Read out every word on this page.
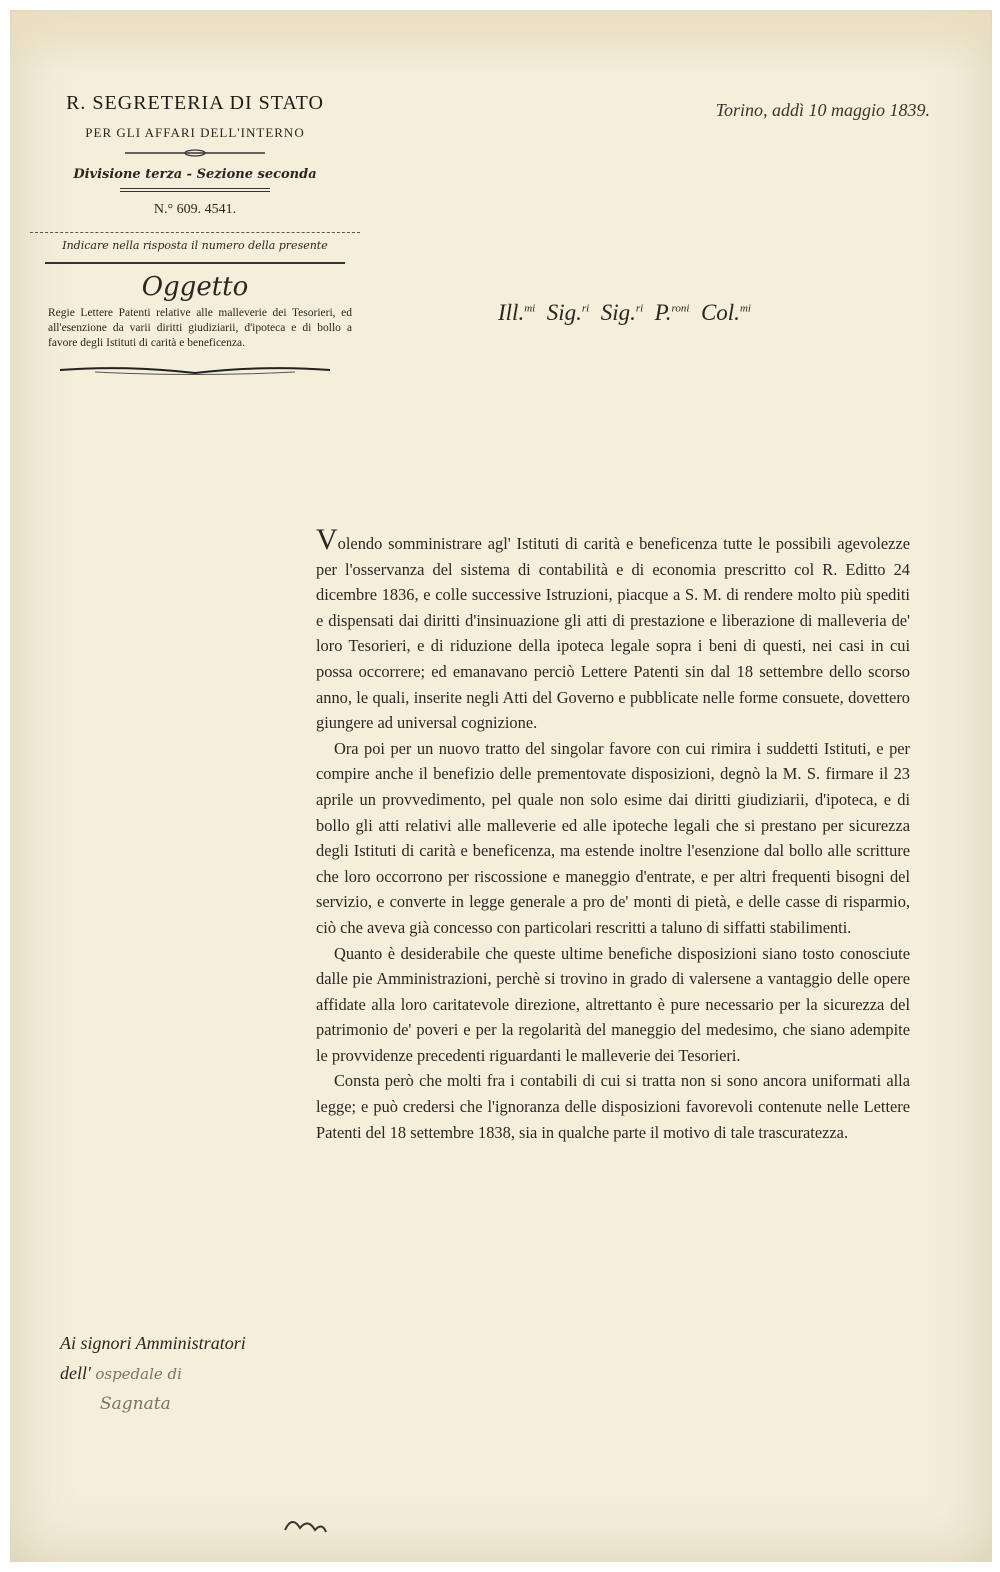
R. SEGRETERIA DI STATO
PER GLI AFFARI DELL'INTERNO
Divisione terza - Sezione seconda
N.° 609. 4541.
Indicare nella risposta il numero della presente
Oggetto
Regie Lettere Patenti relative alle malleverie dei Tesorieri, ed all'esenzione da varii diritti giudiziarii, d'ipoteca e di bollo a favore degli Istituti di carità e beneficenza.
Torino, addì 10 maggio 1839.
Ill.$^{mi}$ Sig.$^{ri}$ Sig.$^{ri}$ P.$^{roni}$ Col.$^{mi}$

Volendo somministrare agl' Istituti di carità e beneficenza tutte le possibili agevolezze per l'osservanza del sistema di contabilità e di economia prescritto col R. Editto 24 dicembre 1836, e colle successive Istruzioni, piacque a S. M. di rendere molto più spediti e dispensati dai diritti d'insinuazione gli atti di prestazione e liberazione di malleveria de' loro Tesorieri, e di riduzione della ipoteca legale sopra i beni di questi, nei casi in cui possa occorrere; ed emanavano perciò Lettere Patenti sin dal 18 settembre dello scorso anno, le quali, inserite negli Atti del Governo e pubblicate nelle forme consuete, dovettero giungere ad universal cognizione.

Ora poi per un nuovo tratto del singolar favore con cui rimira i suddetti Istituti, e per compire anche il benefizio delle prementovate disposizioni, degnò la M. S. firmare il 23 aprile un provvedimento, pel quale non solo esime dai diritti giudiziarii, d'ipoteca, e di bollo gli atti relativi alle malleverie ed alle ipoteche legali che si prestano per sicurezza degli Istituti di carità e beneficenza, ma estende inoltre l'esenzione dal bollo alle scritture che loro occorrono per riscossione e maneggio d'entrate, e per altri frequenti bisogni del servizio, e converte in legge generale a pro de' monti di pietà, e delle casse di risparmio, ciò che aveva già concesso con particolari rescritti a taluno di siffatti stabilimenti.

Quanto è desiderabile che queste ultime benefiche disposizioni siano tosto conosciute dalle pie Amministrazioni, perchè si trovino in grado di valersene a vantaggio delle opere affidate alla loro caritatevole direzione, altrettanto è pure necessario per la sicurezza del patrimonio de' poveri e per la regolarità del maneggio del medesimo, che siano adempite le provvidenze precedenti riguardanti le malleverie dei Tesorieri.

Consta però che molti fra i contabili di cui si tratta non si sono ancora uniformati alla legge; e può credersi che l'ignoranza delle disposizioni favorevoli contenute nelle Lettere Patenti del 18 settembre 1838, sia in qualche parte il motivo di tale trascuratezza.

Ai signori Amministratori
dell' ospedale di
Sagnata
